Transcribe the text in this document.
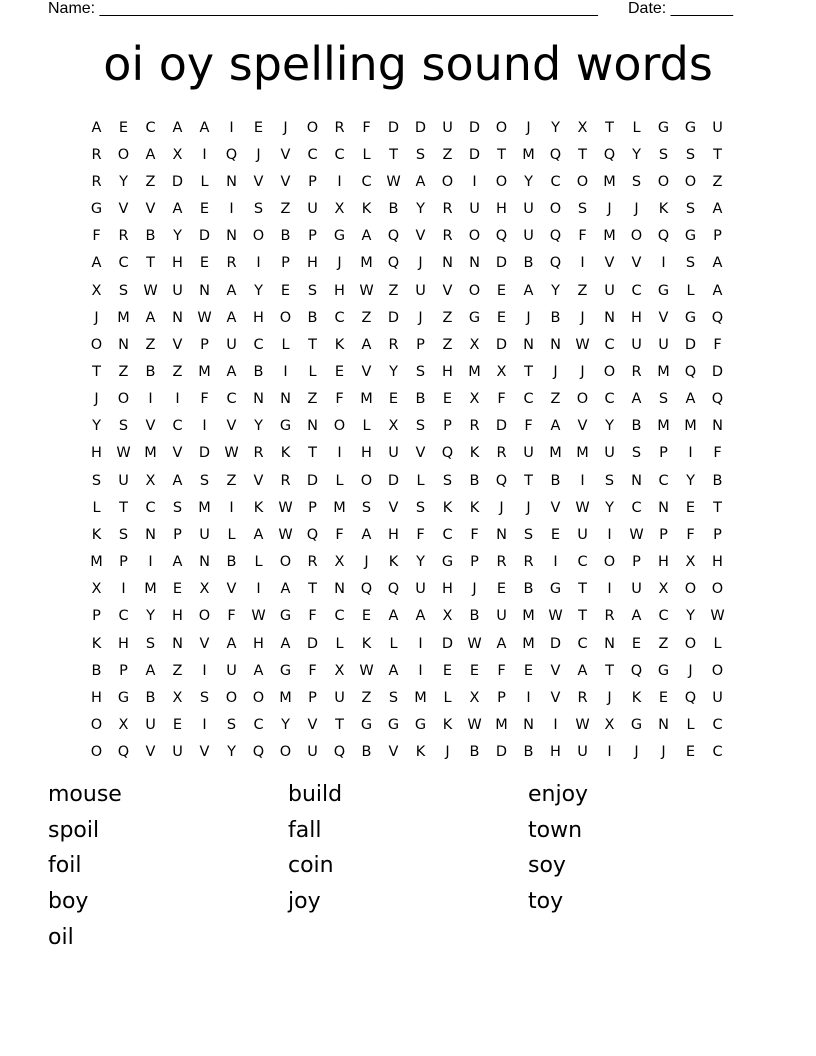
Name: ________________________________________________________ Date: _______
oi oy spelling sound words
A	E	C	A	A	I	E	J	O	R	F	D	D	U	D	O	J	Y	X	T	L	G	G	U
R	O	A	X	I	Q	J	V	C	C	L	T	S	Z	D	T	M	Q	T	Q	Y	S	S	T
R	Y	Z	D	L	N	V	V	P	I	C	W	A	O	I	O	Y	C	O	M	S	O	O	Z
G	V	V	A	E	I	S	Z	U	X	K	B	Y	R	U	H	U	O	S	J	J	K	S	A
F	R	B	Y	D	N	O	B	P	G	A	Q	V	R	O	Q	U	Q	F	M	O	Q	G	P
A	C	T	H	E	R	I	P	H	J	M	Q	J	N	N	D	B	Q	I	V	V	I	S	A
X	S	W	U	N	A	Y	E	S	H	W	Z	U	V	O	E	A	Y	Z	U	C	G	L	A
J	M	A	N	W	A	H	O	B	C	Z	D	J	Z	G	E	J	B	J	N	H	V	G	Q
O	N	Z	V	P	U	C	L	T	K	A	R	P	Z	X	D	N	N	W	C	U	U	D	F
T	Z	B	Z	M	A	B	I	L	E	V	Y	S	H	M	X	T	J	J	O	R	M	Q	D
J	O	I	I	F	C	N	N	Z	F	M	E	B	E	X	F	C	Z	O	C	A	S	A	Q
Y	S	V	C	I	V	Y	G	N	O	L	X	S	P	R	D	F	A	V	Y	B	M	M	N
H	W	M	V	D	W	R	K	T	I	H	U	V	Q	K	R	U	M	M	U	S	P	I	F
S	U	X	A	S	Z	V	R	D	L	O	D	L	S	B	Q	T	B	I	S	N	C	Y	B
L	T	C	S	M	I	K	W	P	M	S	V	S	K	K	J	J	V	W	Y	C	N	E	T
K	S	N	P	U	L	A	W	Q	F	A	H	F	C	F	N	S	E	U	I	W	P	F	P
M	P	I	A	N	B	L	O	R	X	J	K	Y	G	P	R	R	I	C	O	P	H	X	H
X	I	M	E	X	V	I	A	T	N	Q	Q	U	H	J	E	B	G	T	I	U	X	O	O
P	C	Y	H	O	F	W	G	F	C	E	A	A	X	B	U	M	W	T	R	A	C	Y	W
K	H	S	N	V	A	H	A	D	L	K	L	I	D	W	A	M	D	C	N	E	Z	O	L
B	P	A	Z	I	U	A	G	F	X	W	A	I	E	E	F	E	V	A	T	Q	G	J	O
H	G	B	X	S	O	O	M	P	U	Z	S	M	L	X	P	I	V	R	J	K	E	Q	U
O	X	U	E	I	S	C	Y	V	T	G	G	G	K	W	M	N	I	W	X	G	N	L	C
O	Q	V	U	V	Y	Q	O	U	Q	B	V	K	J	B	D	B	H	U	I	J	J	E	C
mouse
spoil
foil
boy
oil
build
fall
coin
joy
enjoy
town
soy
toy
